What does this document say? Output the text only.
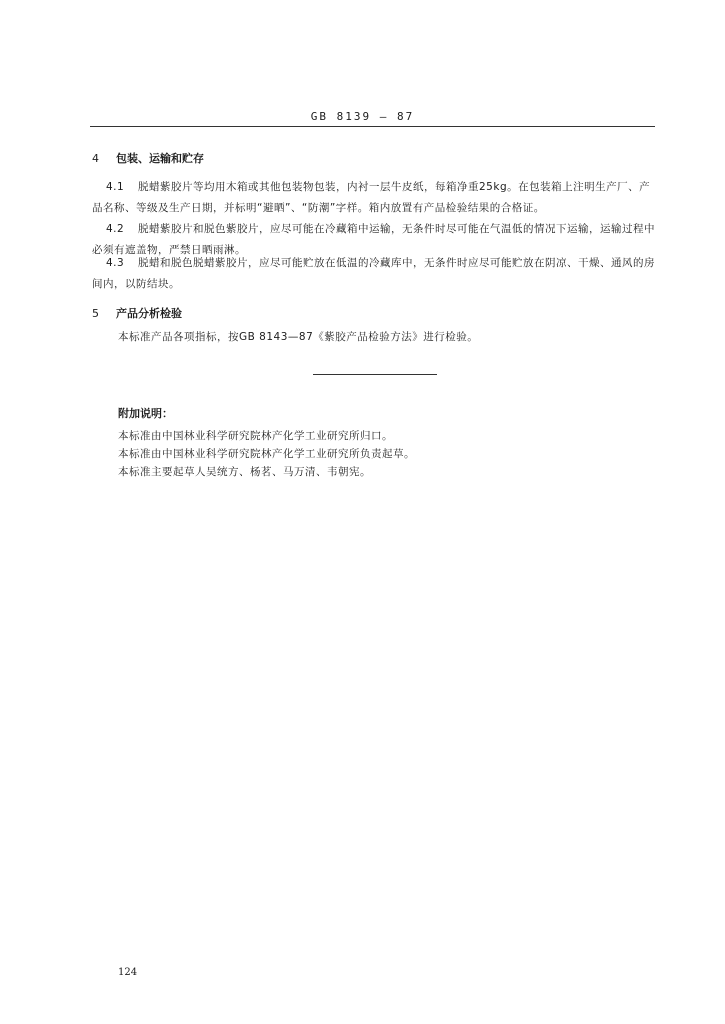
GB 8139 — 87
4 包装、运输和贮存
4.1 脱蜡紫胶片等均用木箱或其他包装物包装，内衬一层牛皮纸，每箱净重25kg。在包装箱上注明生产厂、产品名称、等级及生产日期，并标明“避晒”、“防潮”字样。箱内放置有产品检验结果的合格证。
4.2 脱蜡紫胶片和脱色紫胶片，应尽可能在冷藏箱中运输，无条件时尽可能在气温低的情况下运输，运输过程中必须有遮盖物，严禁日晒雨淋。
4.3 脱蜡和脱色脱蜡紫胶片，应尽可能贮放在低温的冷藏库中，无条件时应尽可能贮放在阴凉、干燥、通风的房间内，以防结块。
5 产品分析检验
本标准产品各项指标，按GB 8143—87《紫胶产品检验方法》进行检验。
附加说明：
本标准由中国林业科学研究院林产化学工业研究所归口。
本标准由中国林业科学研究院林产化学工业研究所负责起草。
本标准主要起草人吴统方、杨茗、马万清、韦朝宪。
124
